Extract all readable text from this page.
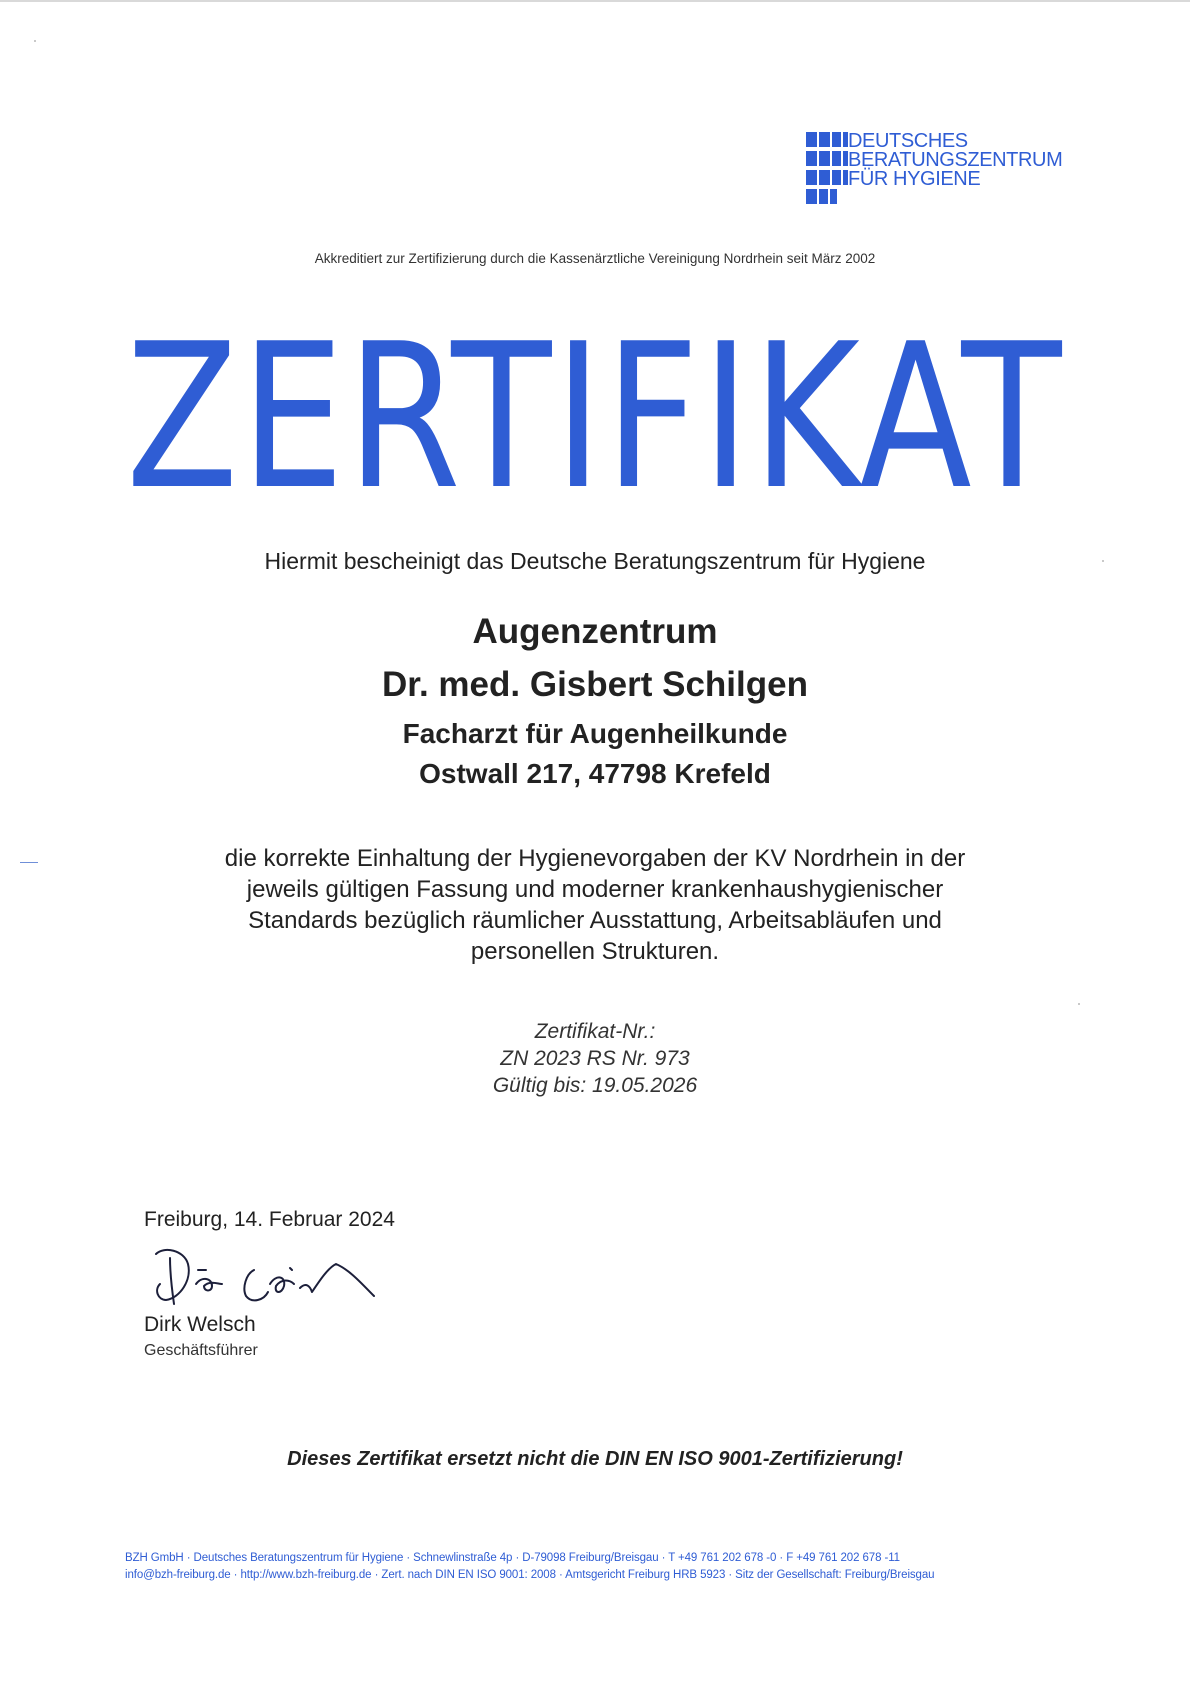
DEUTSCHES
BERATUNGSZENTRUM
FÜR HYGIENE
Akkreditiert zur Zertifizierung durch die Kassenärztliche Vereinigung Nordrhein seit März 2002
ZERTIFIKAT
Hiermit bescheinigt das Deutsche Beratungszentrum für Hygiene
Augenzentrum
Dr. med. Gisbert Schilgen
Facharzt für Augenheilkunde
Ostwall 217, 47798 Krefeld
die korrekte Einhaltung der Hygienevorgaben der KV Nordrhein in der
jeweils gültigen Fassung und moderner krankenhaushygienischer
Standards bezüglich räumlicher Ausstattung, Arbeitsabläufen und
personellen Strukturen.
Zertifikat-Nr.:
ZN 2023 RS Nr. 973
Gültig bis: 19.05.2026
Freiburg, 14. Februar 2024
Dirk Welsch
Geschäftsführer
Dieses Zertifikat ersetzt nicht die DIN EN ISO 9001-Zertifizierung!
BZH GmbH · Deutsches Beratungszentrum für Hygiene · Schnewlinstraße 4p · D-79098 Freiburg/Breisgau · T +49 761 202 678 -0 · F +49 761 202 678 -11
info@bzh-freiburg.de · http://www.bzh-freiburg.de · Zert. nach DIN EN ISO 9001: 2008 · Amtsgericht Freiburg HRB 5923 · Sitz der Gesellschaft: Freiburg/Breisgau
